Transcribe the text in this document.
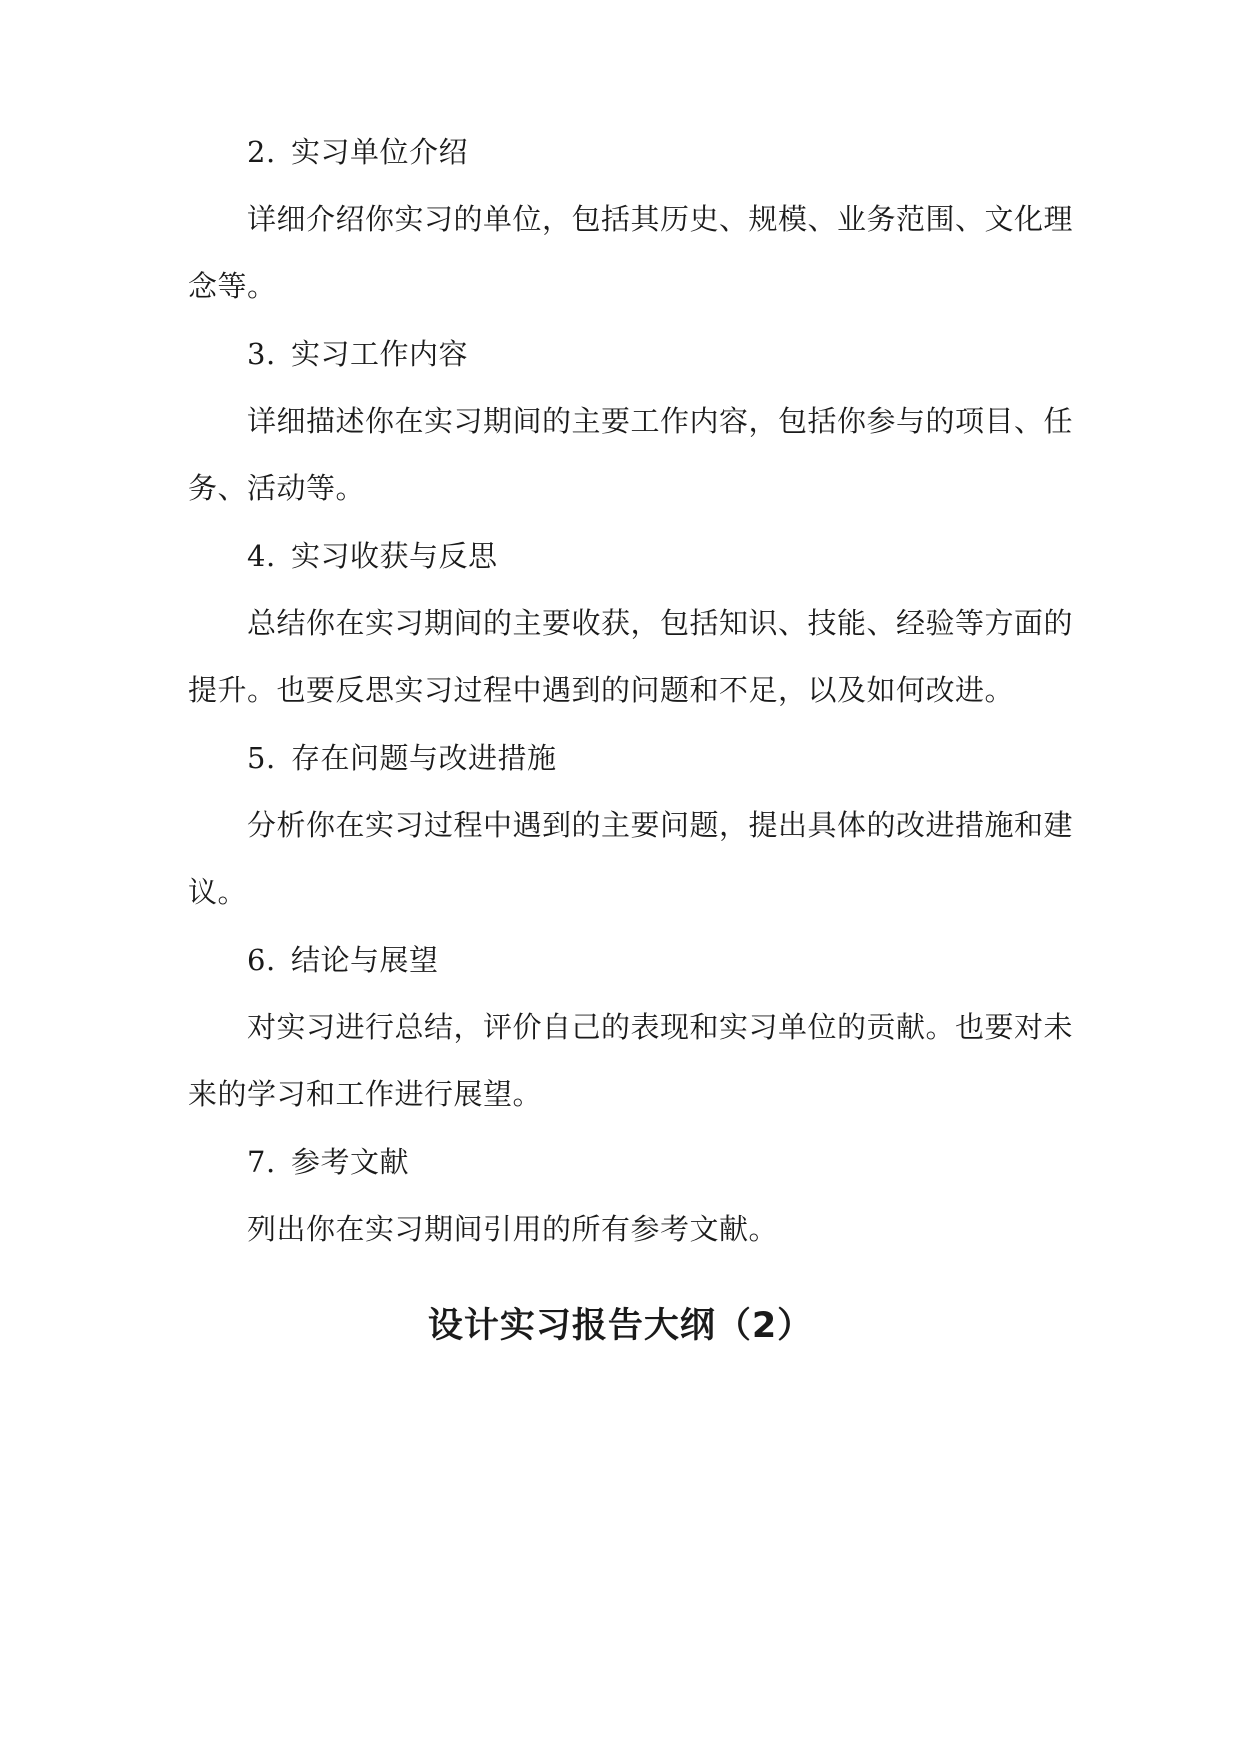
2. 实习单位介绍
详细介绍你实习的单位，包括其历史、规模、业务范围、文化理
念等。
3. 实习工作内容
详细描述你在实习期间的主要工作内容，包括你参与的项目、任
务、活动等。
4. 实习收获与反思
总结你在实习期间的主要收获，包括知识、技能、经验等方面的
提升。也要反思实习过程中遇到的问题和不足，以及如何改进。
5. 存在问题与改进措施
分析你在实习过程中遇到的主要问题，提出具体的改进措施和建
议。
6. 结论与展望
对实习进行总结，评价自己的表现和实习单位的贡献。也要对未
来的学习和工作进行展望。
7. 参考文献
列出你在实习期间引用的所有参考文献。
设计实习报告大纲（2）
